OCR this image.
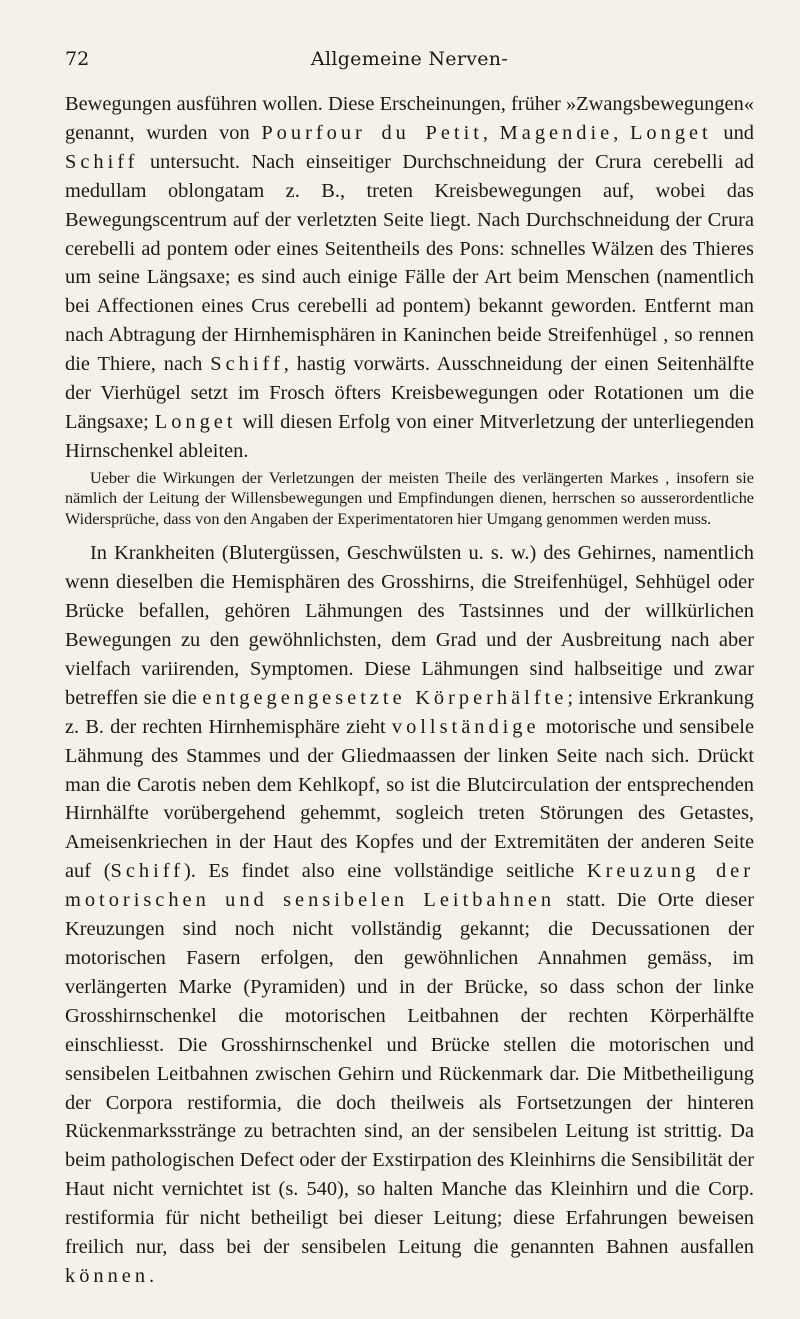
72	Allgemeine Nerven-

Bewegungen ausführen wollen. Diese Erscheinungen, früher »Zwangsbewegungen« genannt, wurden von Pourfour du Petit, Magendie, Longet und Schiff untersucht. Nach einseitiger Durchschneidung der Crura cerebelli ad medullam oblongatam z. B., treten Kreisbewegungen auf, wobei das Bewegungscentrum auf der verletzten Seite liegt. Nach Durchschneidung der Crura cerebelli ad pontem oder eines Seitentheils des Pons: schnelles Wälzen des Thieres um seine Längsaxe; es sind auch einige Fälle der Art beim Menschen (namentlich bei Affectionen eines Crus cerebelli ad pontem) bekannt geworden. Entfernt man nach Abtragung der Hirnhemisphären in Kaninchen beide Streifenhügel , so rennen die Thiere, nach Schiff, hastig vorwärts. Ausschneidung der einen Seitenhälfte der Vierhügel setzt im Frosch öfters Kreisbewegungen oder Rotationen um die Längsaxe; Longet will diesen Erfolg von einer Mitverletzung der unterliegenden Hirnschenkel ableiten.

Ueber die Wirkungen der Verletzungen der meisten Theile des verlängerten Markes , insofern sie nämlich der Leitung der Willensbewegungen und Empfindungen dienen, herrschen so ausserordentliche Widersprüche, dass von den Angaben der Experimentatoren hier Umgang genommen werden muss.

In Krankheiten (Blutergüssen, Geschwülsten u. s. w.) des Gehirnes, namentlich wenn dieselben die Hemisphären des Grosshirns, die Streifenhügel, Sehhügel oder Brücke befallen, gehören Lähmungen des Tastsinnes und der willkürlichen Bewegungen zu den gewöhnlichsten, dem Grad und der Ausbreitung nach aber vielfach variirenden, Symptomen. Diese Lähmungen sind halbseitige und zwar betreffen sie die entgegengesetzte Körperhälfte; intensive Erkrankung z. B. der rechten Hirnhemisphäre zieht vollständige motorische und sensibele Lähmung des Stammes und der Gliedmaassen der linken Seite nach sich. Drückt man die Carotis neben dem Kehlkopf, so ist die Blutcirculation der entsprechenden Hirnhälfte vorübergehend gehemmt, sogleich treten Störungen des Getastes, Ameisenkriechen in der Haut des Kopfes und der Extremitäten der anderen Seite auf (Schiff). Es findet also eine vollständige seitliche Kreuzung der motorischen und sensibelen Leitbahnen statt. Die Orte dieser Kreuzungen sind noch nicht vollständig gekannt; die Decussationen der motorischen Fasern erfolgen, den gewöhnlichen Annahmen gemäss, im verlängerten Marke (Pyramiden) und in der Brücke, so dass schon der linke Grosshirnschenkel die motorischen Leitbahnen der rechten Körperhälfte einschliesst. Die Grosshirnschenkel und Brücke stellen die motorischen und sensibelen Leitbahnen zwischen Gehirn und Rückenmark dar. Die Mitbetheiligung der Corpora restiformia, die doch theilweis als Fortsetzungen der hinteren Rückenmarksstränge zu betrachten sind, an der sensibelen Leitung ist strittig. Da beim pathologischen Defect oder der Exstirpation des Kleinhirns die Sensibilität der Haut nicht vernichtet ist (s. 540), so halten Manche das Kleinhirn und die Corp. restiformia für nicht betheiligt bei dieser Leitung; diese Erfahrungen beweisen freilich nur, dass bei der sensibelen Leitung die genannten Bahnen ausfallen können.
